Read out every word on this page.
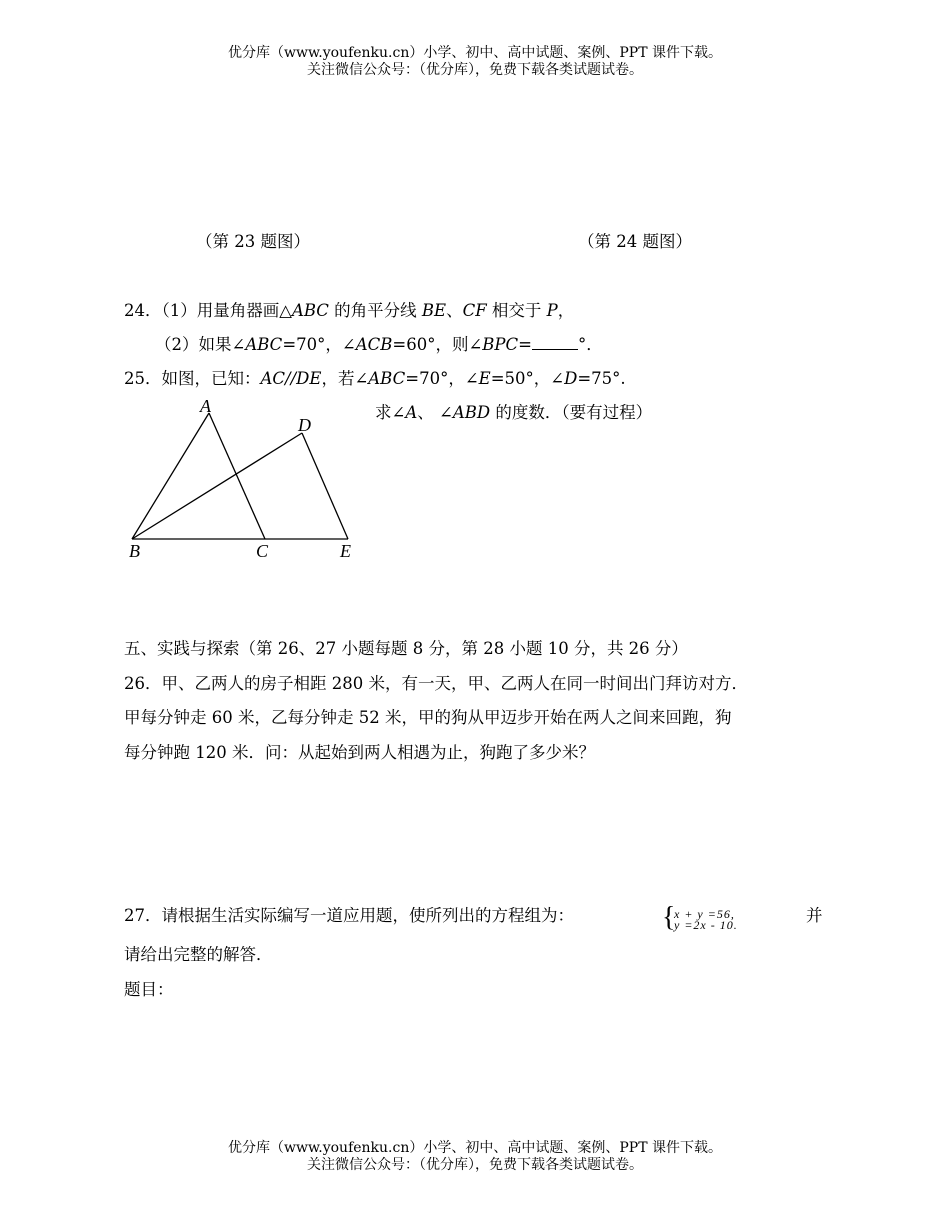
优分库（www.youfenku.cn）小学、初中、高中试题、案例、PPT 课件下载。
关注微信公众号：（优分库），免费下载各类试题试卷。
（第 23 题图）	（第 24 题图）
24．（1）用量角器画△ABC 的角平分线 BE、CF 相交于 P，
（2）如果∠ABC=70°，∠ACB=60°，则∠BPC=	°．
25．如图，已知：AC//DE，若∠ABC=70°，∠E=50°，∠D=75°.
求∠A、 ∠ABD 的度数．（要有过程）
A
D
B	C	E
五、实践与探索（第 26、27 小题每题 8 分，第 28 小题 10 分，共 26 分）
26．甲、乙两人的房子相距 280 米，有一天，甲、乙两人在同一时间出门拜访对方．
甲每分钟走 60 米，乙每分钟走 52 米，甲的狗从甲迈步开始在两人之间来回跑，狗
每分钟跑 120 米．问：从起始到两人相遇为止，狗跑了多少米？
27．请根据生活实际编写一道应用题，使所列出的方程组为：	{
x + y =56,
y =2x - 10.	并
请给出完整的解答．
题目：
优分库（www.youfenku.cn）小学、初中、高中试题、案例、PPT 课件下载。
关注微信公众号：（优分库），免费下载各类试题试卷。
